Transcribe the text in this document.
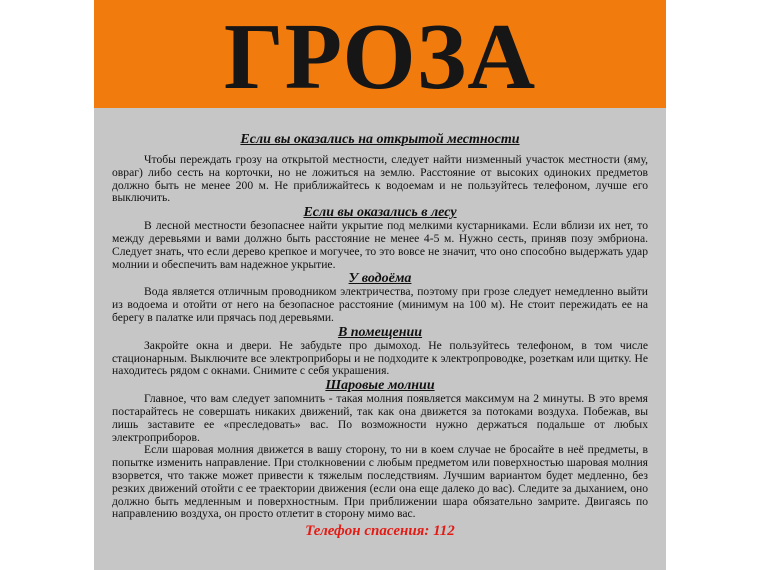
ГРОЗА

Если вы оказались на открытой местности

Чтобы переждать грозу на открытой местности, следует найти низменный участок местности (яму, овраг) либо сесть на корточки, но не ложиться на землю. Расстояние от высоких одиноких предметов должно быть не менее 200 м. Не приближайтесь к водоемам и не пользуйтесь телефоном, лучше его выключить.

Если вы оказались в лесу

В лесной местности безопаснее найти укрытие под мелкими кустарниками. Если вблизи их нет, то между деревьями и вами должно быть расстояние не менее 4-5 м. Нужно сесть, приняв позу эмбриона. Следует знать, что если дерево крепкое и могучее, то это вовсе не значит, что оно способно выдержать удар молнии и обеспечить вам надежное укрытие.

У водоёма

Вода является отличным проводником электричества, поэтому при грозе следует немедленно выйти из водоема и отойти от него на безопасное расстояние (минимум на 100 м). Не стоит пережидать ее на берегу в палатке или прячась под деревьями.

В помещении

Закройте окна и двери. Не забудьте про дымоход. Не пользуйтесь телефоном, в том числе стационарным. Выключите все электроприборы и не подходите к электропроводке, розеткам или щитку. Не находитесь рядом с окнами. Снимите с себя украшения.

Шаровые молнии

Главное, что вам следует запомнить - такая молния появляется максимум на 2 минуты. В это время постарайтесь не совершать никаких движений, так как она движется за потоками воздуха. Побежав, вы лишь заставите ее «преследовать» вас. По возможности нужно держаться подальше от любых электроприборов.

Если шаровая молния движется в вашу сторону, то ни в коем случае не бросайте в неё предметы, в попытке изменить направление. При столкновении с любым предметом или поверхностью шаровая молния взорвется, что также может привести к тяжелым последствиям. Лучшим вариантом будет медленно, без резких движений отойти с ее траектории движения (если она еще далеко до вас). Следите за дыханием, оно должно быть медленным и поверхностным. При приближении шара обязательно замрите. Двигаясь по направлению воздуха, он просто отлетит в сторону мимо вас.

Телефон спасения: 112
